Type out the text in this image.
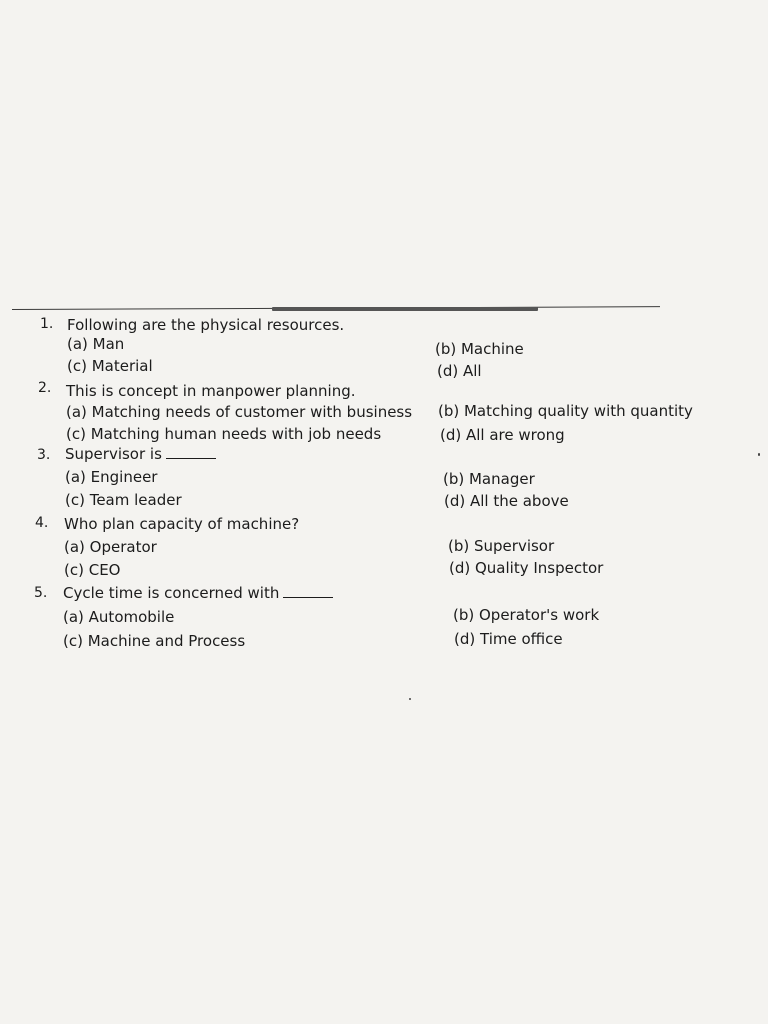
1. Following are the physical resources.
(a) Man
(c) Material
(b) Machine
(d) All
2. This is concept in manpower planning.
(a) Matching needs of customer with business
(c) Matching human needs with job needs
(b) Matching quality with quantity
(d) All are wrong
3. Supervisor is
(a) Engineer
(c) Team leader
(b) Manager
(d) All the above
4. Who plan capacity of machine?
(a) Operator
(c) CEO
(b) Supervisor
(d) Quality Inspector
5. Cycle time is concerned with
(a) Automobile
(c) Machine and Process
(b) Operator's work
(d) Time office
